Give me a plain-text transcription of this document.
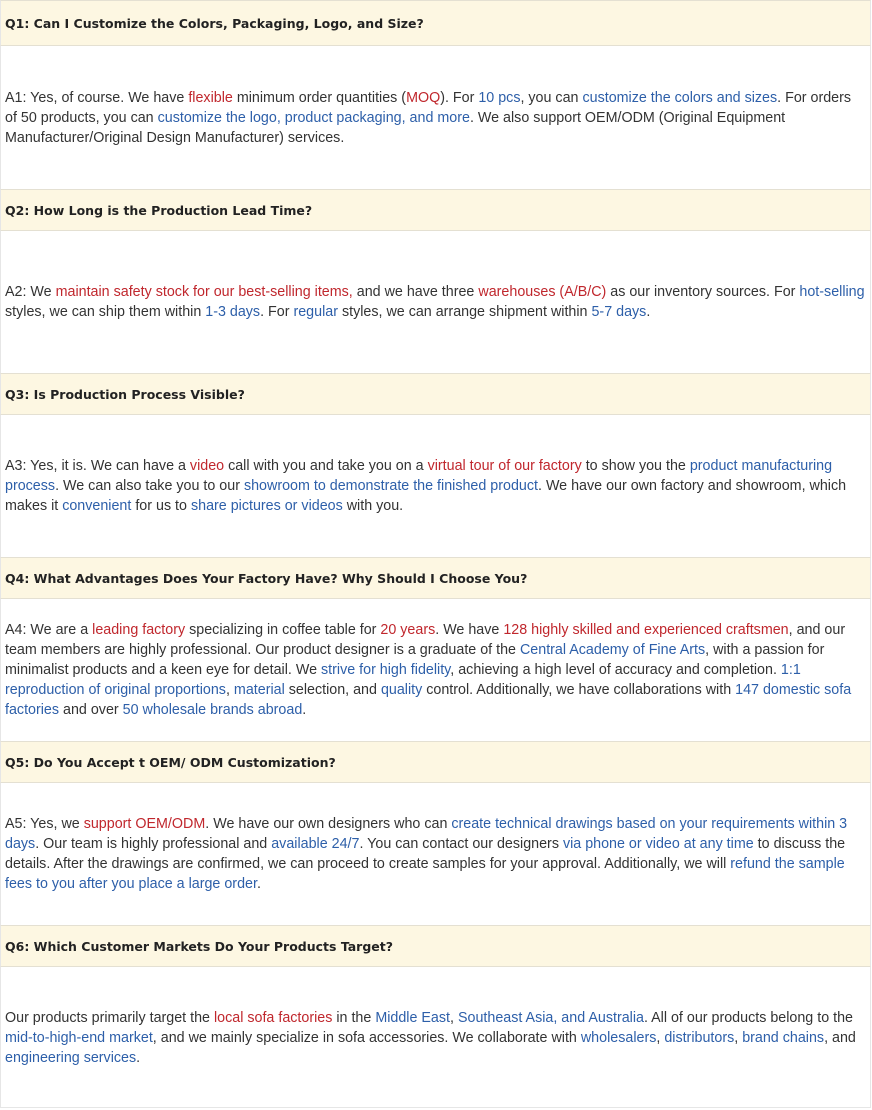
Q1: Can I Customize the Colors, Packaging, Logo, and Size?

A1: Yes, of course. We have flexible minimum order quantities (MOQ). For 10 pcs, you can customize the colors and sizes. For orders of 50 products, you can customize the logo, product packaging, and more. We also support OEM/ODM (Original Equipment Manufacturer/Original Design Manufacturer) services.

Q2: How Long is the Production Lead Time?

A2: We maintain safety stock for our best-selling items, and we have three warehouses (A/B/C) as our inventory sources. For hot-selling styles, we can ship them within 1-3 days. For regular styles, we can arrange shipment within 5-7 days.

Q3: Is Production Process Visible?

A3: Yes, it is. We can have a video call with you and take you on a virtual tour of our factory to show you the product manufacturing process. We can also take you to our showroom to demonstrate the finished product. We have our own factory and showroom, which makes it convenient for us to share pictures or videos with you.

Q4: What Advantages Does Your Factory Have? Why Should I Choose You?

A4: We are a leading factory specializing in coffee table for 20 years. We have 128 highly skilled and experienced craftsmen, and our team members are highly professional. Our product designer is a graduate of the Central Academy of Fine Arts, with a passion for minimalist products and a keen eye for detail. We strive for high fidelity, achieving a high level of accuracy and completion. 1:1 reproduction of original proportions, material selection, and quality control. Additionally, we have collaborations with 147 domestic sofa factories and over 50 wholesale brands abroad.

Q5: Do You Accept t OEM/ ODM Customization?

A5: Yes, we support OEM/ODM. We have our own designers who can create technical drawings based on your requirements within 3 days. Our team is highly professional and available 24/7. You can contact our designers via phone or video at any time to discuss the details. After the drawings are confirmed, we can proceed to create samples for your approval. Additionally, we will refund the sample fees to you after you place a large order.

Q6: Which Customer Markets Do Your Products Target?

Our products primarily target the local sofa factories in the Middle East, Southeast Asia, and Australia. All of our products belong to the mid-to-high-end market, and we mainly specialize in sofa accessories. We collaborate with wholesalers, distributors, brand chains, and engineering services.
